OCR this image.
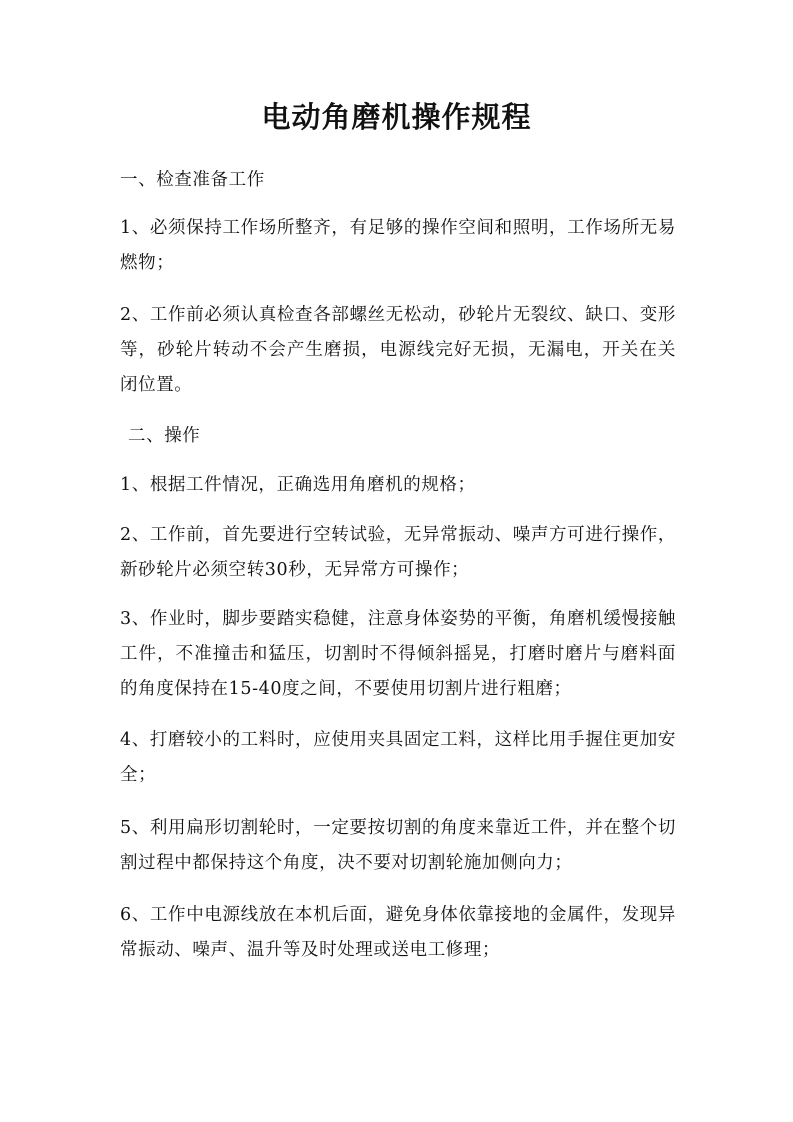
电动角磨机操作规程
一、检查准备工作
1、必须保持工作场所整齐，有足够的操作空间和照明，工作场所无易燃物；
2、工作前必须认真检查各部螺丝无松动，砂轮片无裂纹、缺口、变形等，砂轮片转动不会产生磨损，电源线完好无损，无漏电，开关在关闭位置。
二、操作
1、根据工件情况，正确选用角磨机的规格；
2、工作前，首先要进行空转试验，无异常振动、噪声方可进行操作，新砂轮片必须空转30秒，无异常方可操作；
3、作业时，脚步要踏实稳健，注意身体姿势的平衡，角磨机缓慢接触工件，不准撞击和猛压，切割时不得倾斜摇晃，打磨时磨片与磨料面的角度保持在15-40度之间，不要使用切割片进行粗磨；
4、打磨较小的工料时，应使用夹具固定工料，这样比用手握住更加安全；
5、利用扁形切割轮时，一定要按切割的角度来靠近工件，并在整个切割过程中都保持这个角度，决不要对切割轮施加侧向力；
6、工作中电源线放在本机后面，避免身体依靠接地的金属件，发现异常振动、噪声、温升等及时处理或送电工修理；
